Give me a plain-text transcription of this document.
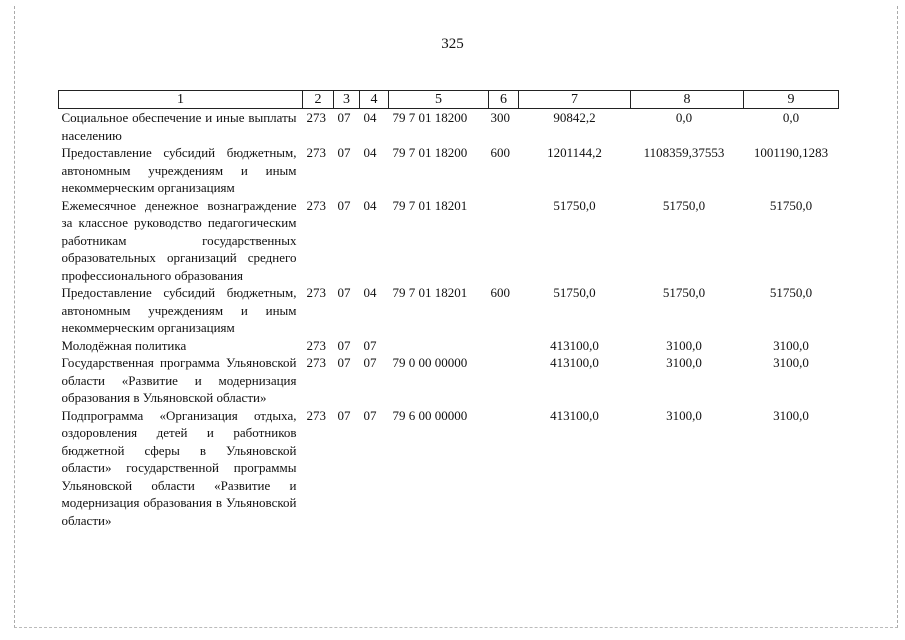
325
1	2	3	4	5	6	7	8	9
Социальное обеспечение и иные выплаты населению	273	07	04	79 7 01 18200	300	90842,2	0,0	0,0
Предоставление субсидий бюджетным, автономным учреждениям и иным некоммерческим организациям	273	07	04	79 7 01 18200	600	1201144,2	1108359,37553	1001190,1283
Ежемесячное денежное вознаграждение за классное руководство педагогическим работникам государственных образовательных организаций среднего профессионального образования	273	07	04	79 7 01 18201		51750,0	51750,0	51750,0
Предоставление субсидий бюджетным, автономным учреждениям и иным некоммерческим организациям	273	07	04	79 7 01 18201	600	51750,0	51750,0	51750,0
Молодёжная политика	273	07	07			413100,0	3100,0	3100,0
Государственная программа Ульяновской области «Развитие и модернизация образования в Ульяновской области»	273	07	07	79 0 00 00000		413100,0	3100,0	3100,0
Подпрограмма «Организация отдыха, оздоровления детей и работников бюджетной сферы в Ульяновской области» государственной программы Ульяновской области «Развитие и модернизация образования в Ульяновской области»	273	07	07	79 6 00 00000		413100,0	3100,0	3100,0
